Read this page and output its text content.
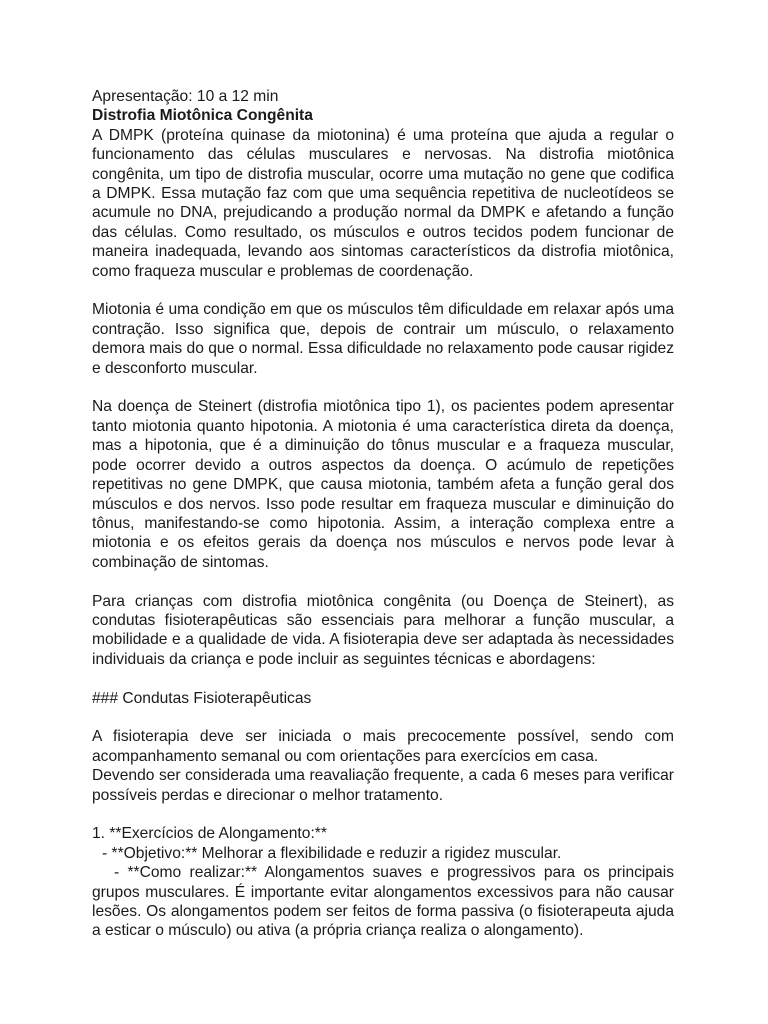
Apresentação: 10 a 12 min

Distrofia Miotônica Congênita

A DMPK (proteína quinase da miotonina) é uma proteína que ajuda a regular o funcionamento das células musculares e nervosas. Na distrofia miotônica congênita, um tipo de distrofia muscular, ocorre uma mutação no gene que codifica a DMPK. Essa mutação faz com que uma sequência repetitiva de nucleotídeos se acumule no DNA, prejudicando a produção normal da DMPK e afetando a função das células. Como resultado, os músculos e outros tecidos podem funcionar de maneira inadequada, levando aos sintomas característicos da distrofia miotônica, como fraqueza muscular e problemas de coordenação.

Miotonia é uma condição em que os músculos têm dificuldade em relaxar após uma contração. Isso significa que, depois de contrair um músculo, o relaxamento demora mais do que o normal. Essa dificuldade no relaxamento pode causar rigidez e desconforto muscular.

Na doença de Steinert (distrofia miotônica tipo 1), os pacientes podem apresentar tanto miotonia quanto hipotonia. A miotonia é uma característica direta da doença, mas a hipotonia, que é a diminuição do tônus muscular e a fraqueza muscular, pode ocorrer devido a outros aspectos da doença. O acúmulo de repetições repetitivas no gene DMPK, que causa miotonia, também afeta a função geral dos músculos e dos nervos. Isso pode resultar em fraqueza muscular e diminuição do tônus, manifestando-se como hipotonia. Assim, a interação complexa entre a miotonia e os efeitos gerais da doença nos músculos e nervos pode levar à combinação de sintomas.

Para crianças com distrofia miotônica congênita (ou Doença de Steinert), as condutas fisioterapêuticas são essenciais para melhorar a função muscular, a mobilidade e a qualidade de vida. A fisioterapia deve ser adaptada às necessidades individuais da criança e pode incluir as seguintes técnicas e abordagens:

### Condutas Fisioterapêuticas

A fisioterapia deve ser iniciada o mais precocemente possível, sendo com acompanhamento semanal ou com orientações para exercícios em casa.

Devendo ser considerada uma reavaliação frequente, a cada 6 meses para verificar possíveis perdas e direcionar o melhor tratamento.

1. **Exercícios de Alongamento:**

- **Objetivo:** Melhorar a flexibilidade e reduzir a rigidez muscular.

- **Como realizar:** Alongamentos suaves e progressivos para os principais grupos musculares. É importante evitar alongamentos excessivos para não causar lesões. Os alongamentos podem ser feitos de forma passiva (o fisioterapeuta ajuda a esticar o músculo) ou ativa (a própria criança realiza o alongamento).
